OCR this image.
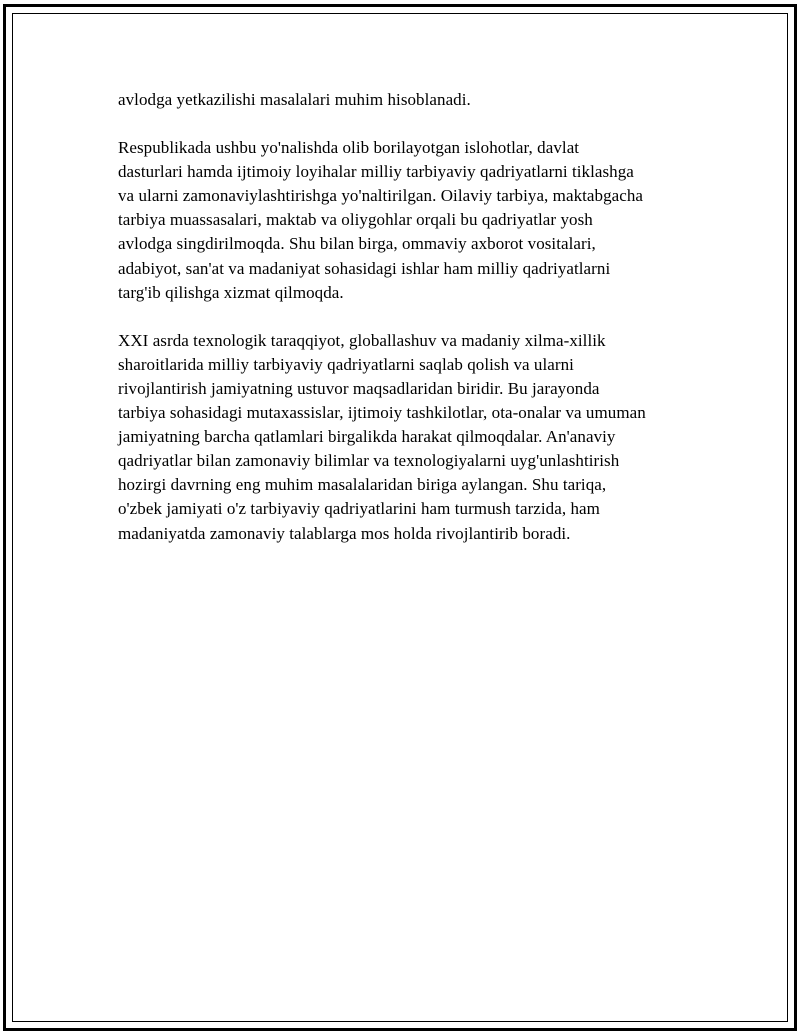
avlodga yetkazilishi masalalari muhim hisoblanadi.

Respublikada ushbu yo'nalishda olib borilayotgan islohotlar, davlat
dasturlari hamda ijtimoiy loyihalar milliy tarbiyaviy qadriyatlarni tiklashga
va ularni zamonaviylashtirishga yo'naltirilgan. Oilaviy tarbiya, maktabgacha
tarbiya muassasalari, maktab va oliygohlar orqali bu qadriyatlar yosh
avlodga singdirilmoqda. Shu bilan birga, ommaviy axborot vositalari,
adabiyot, san'at va madaniyat sohasidagi ishlar ham milliy qadriyatlarni
targ'ib qilishga xizmat qilmoqda.

XXI asrda texnologik taraqqiyot, globallashuv va madaniy xilma-xillik
sharoitlarida milliy tarbiyaviy qadriyatlarni saqlab qolish va ularni
rivojlantirish jamiyatning ustuvor maqsadlaridan biridir. Bu jarayonda
tarbiya sohasidagi mutaxassislar, ijtimoiy tashkilotlar, ota-onalar va umuman
jamiyatning barcha qatlamlari birgalikda harakat qilmoqdalar. An'anaviy
qadriyatlar bilan zamonaviy bilimlar va texnologiyalarni uyg'unlashtirish
hozirgi davrning eng muhim masalalaridan biriga aylangan. Shu tariqa,
o'zbek jamiyati o'z tarbiyaviy qadriyatlarini ham turmush tarzida, ham
madaniyatda zamonaviy talablarga mos holda rivojlantirib boradi.
